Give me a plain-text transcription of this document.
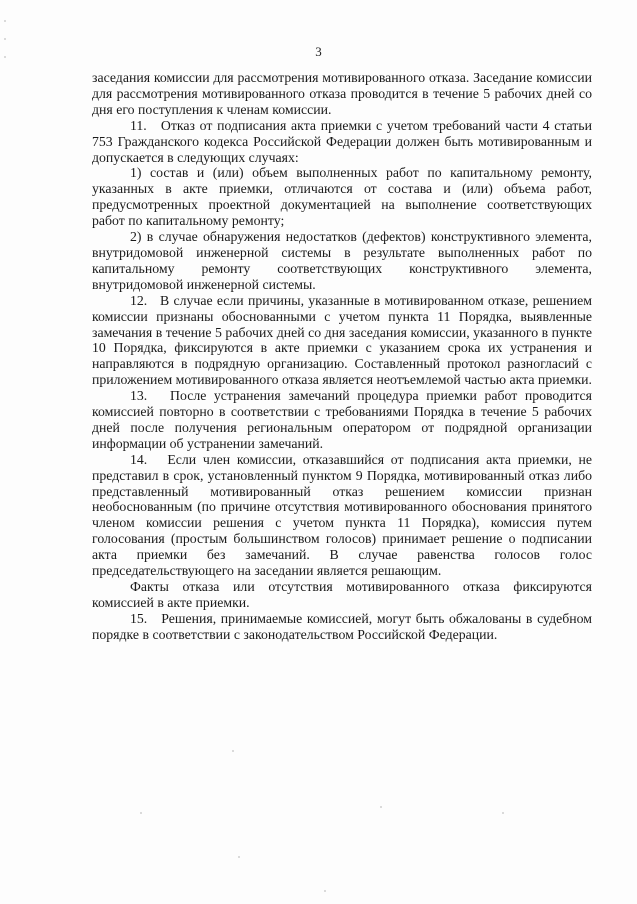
3

заседания комиссии для рассмотрения мотивированного отказа. Заседание комиссии для рассмотрения мотивированного отказа проводится в течение 5 рабочих дней со дня его поступления к членам комиссии.

11.   Отказ от подписания акта приемки с учетом требований части 4 статьи 753 Гражданского кодекса Российской Федерации должен быть мотивированным и допускается в следующих случаях:

1) состав и (или) объем выполненных работ по капитальному ремонту, указанных в акте приемки, отличаются от состава и (или) объема работ, предусмотренных проектной документацией на выполнение соответствующих работ по капитальному ремонту;

2) в случае обнаружения недостатков (дефектов) конструктивного элемента, внутридомовой инженерной системы в результате выполненных работ по капитальному ремонту соответствующих конструктивного элемента, внутридомовой инженерной системы.

12.   В случае если причины, указанные в мотивированном отказе, решением комиссии признаны обоснованными с учетом пункта 11 Порядка, выявленные замечания в течение 5 рабочих дней со дня заседания комиссии, указанного в пункте 10 Порядка, фиксируются в акте приемки с указанием срока их устранения и направляются в подрядную организацию. Составленный протокол разногласий с приложением мотивированного отказа является неотъемлемой частью акта приемки.

13.   После устранения замечаний процедура приемки работ проводится комиссией повторно в соответствии с требованиями Порядка в течение 5 рабочих дней после получения региональным оператором от подрядной организации информации об устранении замечаний.

14.   Если член комиссии, отказавшийся от подписания акта приемки, не представил в срок, установленный пунктом 9 Порядка, мотивированный отказ либо представленный мотивированный отказ решением комиссии признан необоснованным (по причине отсутствия мотивированного обоснования принятого членом комиссии решения с учетом пункта 11 Порядка), комиссия путем голосования (простым большинством голосов) принимает решение о подписании акта приемки без замечаний. В случае равенства голосов голос председательствующего на заседании является решающим.

Факты отказа или отсутствия мотивированного отказа фиксируются комиссией в акте приемки.

15.   Решения, принимаемые комиссией, могут быть обжалованы в судебном порядке в соответствии с законодательством Российской Федерации.
